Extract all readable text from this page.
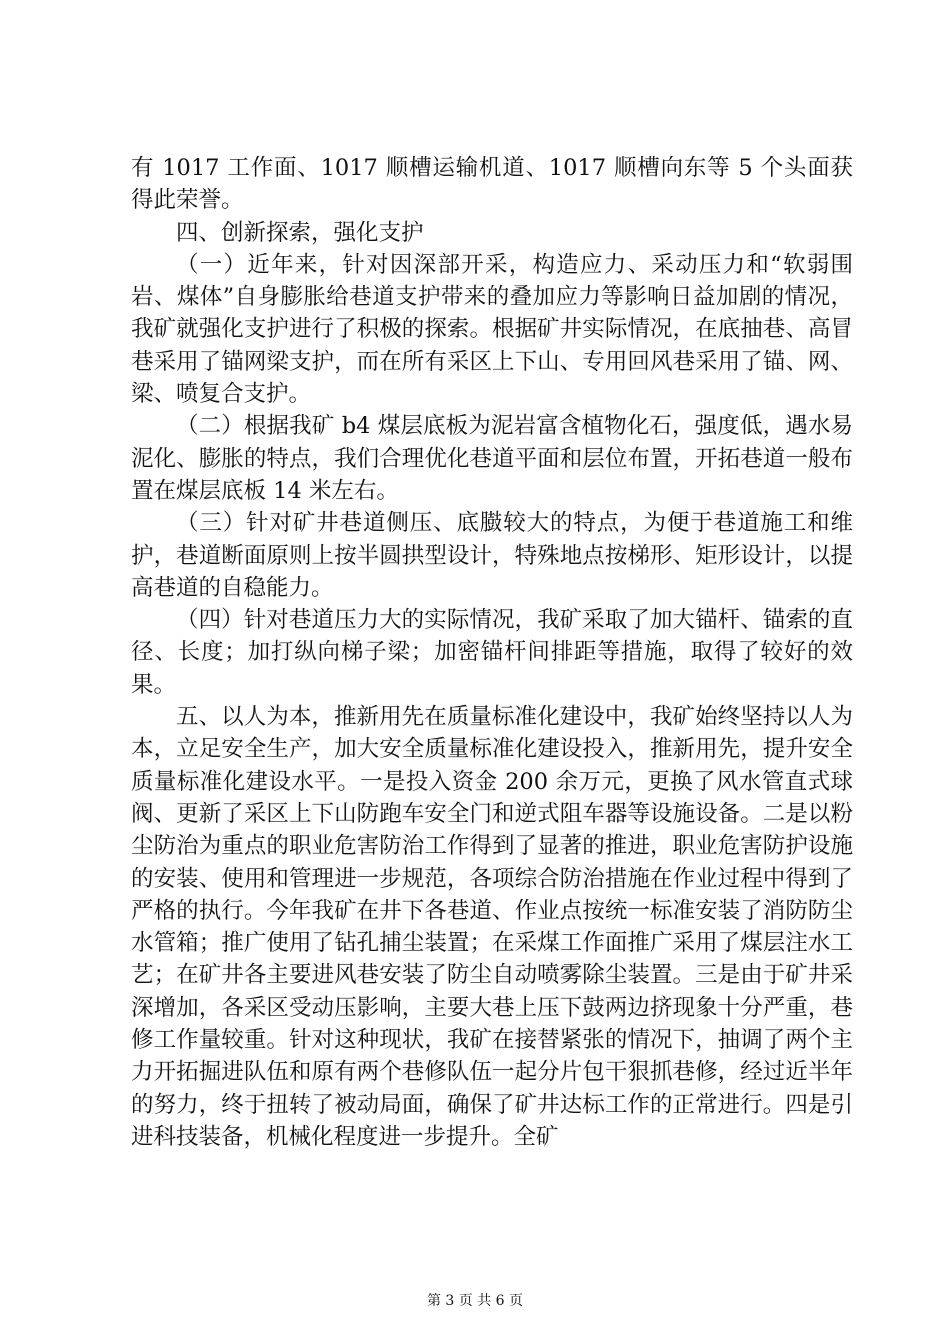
有 1017 工作面、1017 顺槽运输机道、1017 顺槽向东等 5 个头面获得此荣誉。

四、创新探索，强化支护

（一）近年来，针对因深部开采，构造应力、采动压力和“软弱围岩、煤体”自身膨胀给巷道支护带来的叠加应力等影响日益加剧的情况，我矿就强化支护进行了积极的探索。根据矿井实际情况，在底抽巷、高冒巷采用了锚网梁支护，而在所有采区上下山、专用回风巷采用了锚、网、梁、喷复合支护。

（二）根据我矿 b4 煤层底板为泥岩富含植物化石，强度低，遇水易泥化、膨胀的特点，我们合理优化巷道平面和层位布置，开拓巷道一般布置在煤层底板 14 米左右。

（三）针对矿井巷道侧压、底臌较大的特点，为便于巷道施工和维护，巷道断面原则上按半圆拱型设计，特殊地点按梯形、矩形设计，以提高巷道的自稳能力。

（四）针对巷道压力大的实际情况，我矿采取了加大锚杆、锚索的直径、长度；加打纵向梯子梁；加密锚杆间排距等措施，取得了较好的效果。

五、以人为本，推新用先在质量标准化建设中，我矿始终坚持以人为本，立足安全生产，加大安全质量标准化建设投入，推新用先，提升安全质量标准化建设水平。一是投入资金 200 余万元，更换了风水管直式球阀、更新了采区上下山防跑车安全门和逆式阻车器等设施设备。二是以粉尘防治为重点的职业危害防治工作得到了显著的推进，职业危害防护设施的安装、使用和管理进一步规范，各项综合防治措施在作业过程中得到了严格的执行。今年我矿在井下各巷道、作业点按统一标准安装了消防防尘水管箱；推广使用了钻孔捕尘装置；在采煤工作面推广采用了煤层注水工艺；在矿井各主要进风巷安装了防尘自动喷雾除尘装置。三是由于矿井采深增加，各采区受动压影响，主要大巷上压下鼓两边挤现象十分严重，巷修工作量较重。针对这种现状，我矿在接替紧张的情况下，抽调了两个主力开拓掘进队伍和原有两个巷修队伍一起分片包干狠抓巷修，经过近半年的努力，终于扭转了被动局面，确保了矿井达标工作的正常进行。四是引进科技装备，机械化程度进一步提升。全矿

第 3 页 共 6 页
